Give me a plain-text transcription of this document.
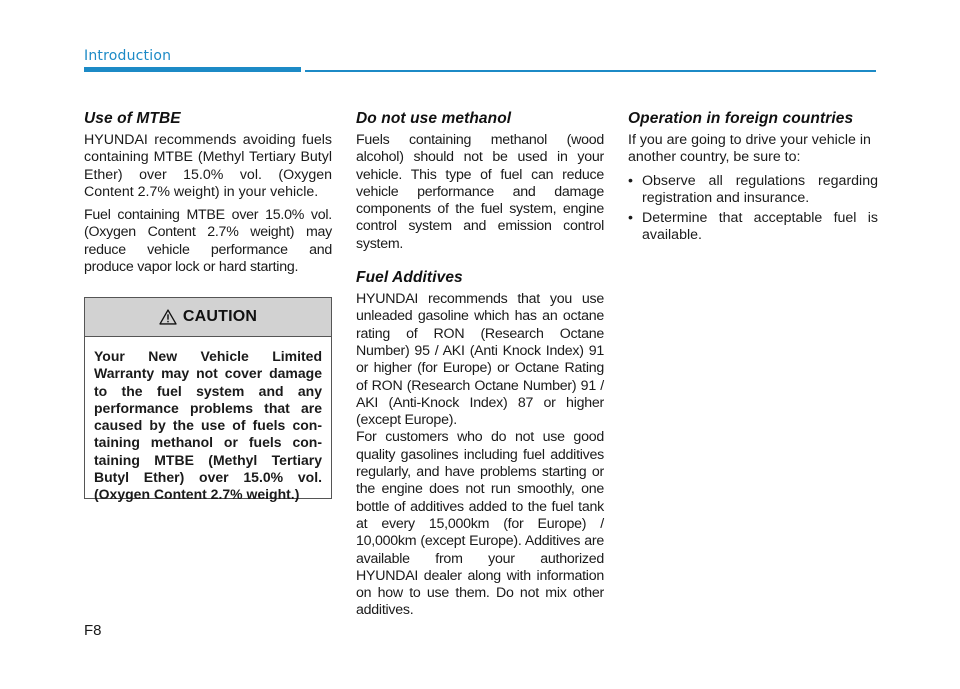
Introduction
Use of MTBE

HYUNDAI recommends avoiding fuels containing MTBE (Methyl Tertiary Butyl Ether) over 15.0% vol. (Oxygen Content 2.7% weight) in your vehicle.

Fuel containing MTBE over 15.0% vol. (Oxygen Content 2.7% weight) may reduce vehicle performance and produce vapor lock or hard starting.

CAUTION
Your New Vehicle Limited Warranty may not cover damage to the fuel system and any performance problems that are caused by the use of fuels containing methanol or fuels containing MTBE (Methyl Tertiary Butyl Ether) over 15.0% vol. (Oxygen Content 2.7% weight.)
Do not use methanol

Fuels containing methanol (wood alcohol) should not be used in your vehicle. This type of fuel can reduce vehicle performance and damage components of the fuel system, engine control system and emission control system.

Fuel Additives

HYUNDAI recommends that you use unleaded gasoline which has an octane rating of RON (Research Octane Number) 95 / AKI (Anti Knock Index) 91 or higher (for Europe) or Octane Rating of RON (Research Octane Number) 91 / AKI (Anti-Knock Index) 87 or higher (except Europe).

For customers who do not use good quality gasolines including fuel additives regularly, and have problems starting or the engine does not run smoothly, one bottle of additives added to the fuel tank at every 15,000km (for Europe) / 10,000km (except Europe). Additives are available from your authorized HYUNDAI dealer along with information on how to use them. Do not mix other additives.

Operation in foreign countries

If you are going to drive your vehicle in another country, be sure to:

• Observe all regulations regarding registration and insurance.
• Determine that acceptable fuel is available.
F8
